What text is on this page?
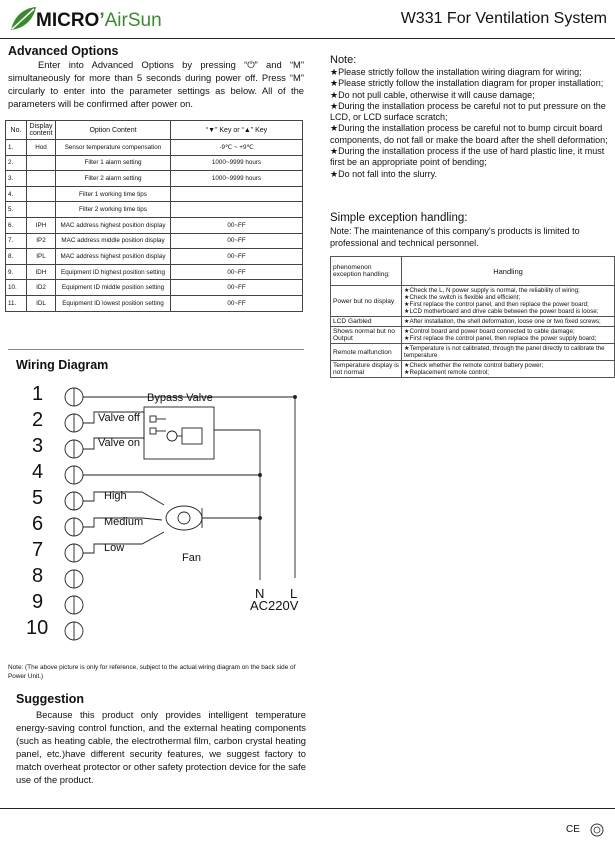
MICRO’AirSun	W331 For Ventilation System
Advanced Options
Enter into Advanced Options by pressing “⏻” and “M” simultaneously for more than 5 seconds during power off. Press “M” circularly to enter into the parameter settings as below. All of the parameters will be confirmed after power on.
No.	Display content	Option Content	“▼” Key or “▲” Key
1.	Hod	Sensor temperature compensation	-9℃ ~ +9℃
2.		Filter 1 alarm setting	1000~9999 hours
3.		Filter 2 alarm setting	1000~9999 hours
4.		Filter 1 working time tips	
5.		Filter 2 working time tips	
6.	IPH	MAC address highest position display	00~FF
7.	IP2	MAC address middle position display	00~FF
8.	IPL	MAC address highest position display	00~FF
9.	IDH	Equipment ID highest position setting	00~FF
10.	ID2	Equipment ID middle position setting	00~FF
11.	IDL	Equipment ID lowest position setting	00~FF
Wiring Diagram
1
2
3
4
5
6
7
8
9
10
Bypass Valve
Valve off
Valve on
High
Medium
Low
Fan
N L
AC220V
Note: (The above picture is only for reference, subject to the actual wiring diagram on the back side of Power Unit.)
Suggestion
Because this product only provides intelligent temperature energy-saving control function, and the external heating components (such as heating cable, the electrothermal film, carbon crystal heating panel, etc.)have different security features, we suggest factory to match overheat protector or other safety protection device for the safe use of the product.
Note:
★Please strictly follow the installation wiring diagram for wiring;
★Please strictly follow the installation diagram for proper installation;
★Do not pull cable, otherwise it will cause damage;
★During the installation process be careful not to put pressure on the LCD, or LCD surface scratch;
★During the installation process be careful not to bump circuit board components, do not fall or make the board after the shell deformation;
★During the installation process if the use of hard plastic line, it must first be an appropriate point of bending;
★Do not fall into the slurry.
Simple exception handling:
Note: The maintenance of this company's products is limited to professional and technical personnel.
phenomenon exception handling:	Handling
Power but no display	★Check the L, N power supply is normal, the reliability of wiring;
★Check the switch is flexible and efficient;
★First replace the control panel, and then replace the power board;
★LCD motherboard and drive cable between the power board is loose;

LCD Garbled	★After installation, the shell deformation, loose one or two fixed screws;

Shows normal but no Output	★Control board and power board connected to cable damage;
★First replace the control panel, then replace the power supply board;

Remote malfunction	★Temperature is not calibrated, through the panel directly to calibrate the temperature

Temperature display is not normal	★Check whether the remote control battery power;
★Replacement remote control;
CE
